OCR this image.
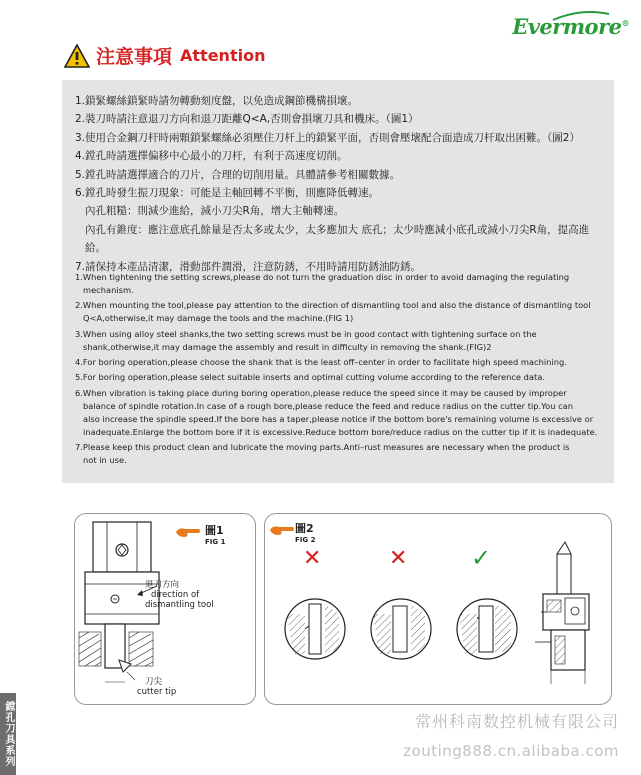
Evermore®
注意事項 Attention
1.鎖緊螺絲鎖緊時請勿轉動刻度盤，以免造成鋼節機構損壞。
2.裝刀時請注意退刀方向和退刀距離Q<A,否則會損壞刀具和機床。（圖1）
3.使用合金鋼刀杆時兩顆鎖緊螺絲必須壓住刀杆上的鎖緊平面，否則會壓壞配合面造成刀杆取出困難。（圖2）
4.鏜孔時請選擇偏移中心最小的刀杆，有利于高速度切削。
5.鏜孔時請選擇適合的刀片，合理的切削用量。具體請參考相關數據。
6.鏜孔時發生振刀現象：可能是主軸回轉不平衡，則應降低轉速。
內孔粗糙：則減少進給，減小刀尖R角，增大主軸轉速。
內孔有錐度：應注意底孔餘量是否太多或太少，太多應加大 底孔；太少時應減小底孔或減小刀尖R角，提高進給。
7.請保持本產品清潔，滑動部件潤滑，注意防銹，不用時請用防銹油防銹。
1.When tightening the setting screws,please do not turn the graduation disc in order to avoid damaging the regulating
mechanism.
2.When mounting the tool,please pay attention to the direction of dismantling tool and also the distance of dismantling tool
Q<A,otherwise,it may damage the tools and the machine.(FIG 1)
3.When using alloy steel shanks,the two setting screws must be in good contact with tightening surface on the
shank,otherwise,it may damage the assembly and result in difficulty in removing the shank.(FIG)2
4.For boring operation,please choose the shank that is the least off–center in order to facilitate high speed machining.
5.For boring operation,please select suitable inserts and optimal cutting volume according to the reference data.
6.When vibration is taking place during boring operation,please reduce the speed since it may be caused by improper
balance of spindle rotation.In case of a rough bore,please reduce the feed and reduce radius on the cutter tip.You can
also increase the spindle speed.If the bore has a taper,please notice if the bottom bore's remaining volume is excessive or
inadequate.Enlarge the bottom bore if it is excessive.Reduce bottom bore/reduce radius on the cutter tip if it is inadequate.
7.Please keep this product clean and lubricate the moving parts.Anti–rust measures are necessary when the product is
not in use.
圖1
FIG 1
退刀方向
direction of
dismantling tool
刀尖
cutter tip
圖2
FIG 2
✕	✕	✓
鏜孔刀具系列	常州科南数控机械有限公司
zouting888.cn.alibaba.com
